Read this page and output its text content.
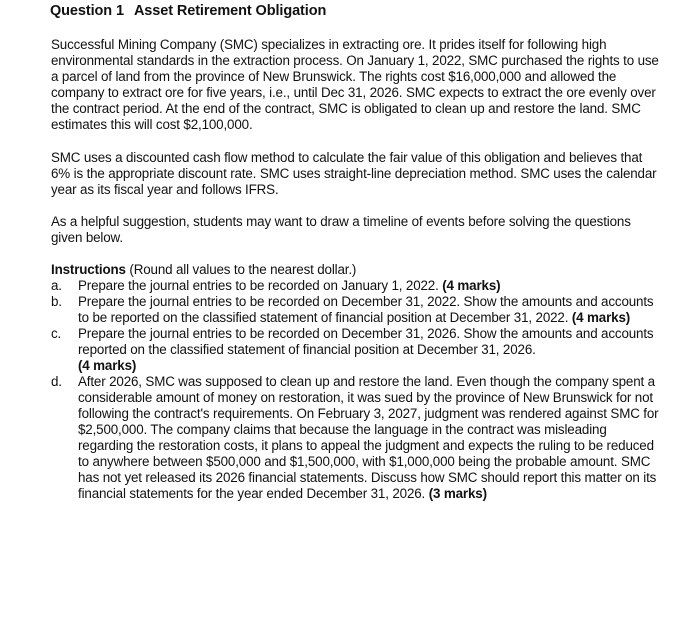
Question 1 Asset Retirement Obligation
Successful Mining Company (SMC) specializes in extracting ore. It prides itself for following high environmental standards in the extraction process. On January 1, 2022, SMC purchased the rights to use a parcel of land from the province of New Brunswick. The rights cost $16,000,000 and allowed the company to extract ore for five years, i.e., until Dec 31, 2026. SMC expects to extract the ore evenly over the contract period. At the end of the contract, SMC is obligated to clean up and restore the land. SMC estimates this will cost $2,100,000.
SMC uses a discounted cash flow method to calculate the fair value of this obligation and believes that 6% is the appropriate discount rate. SMC uses straight-line depreciation method. SMC uses the calendar year as its fiscal year and follows IFRS.
As a helpful suggestion, students may want to draw a timeline of events before solving the questions given below.
Instructions (Round all values to the nearest dollar.)
a. Prepare the journal entries to be recorded on January 1, 2022. (4 marks)
b. Prepare the journal entries to be recorded on December 31, 2022. Show the amounts and accounts to be reported on the classified statement of financial position at December 31, 2022. (4 marks)
c. Prepare the journal entries to be recorded on December 31, 2026. Show the amounts and accounts reported on the classified statement of financial position at December 31, 2026.
(4 marks)
d. After 2026, SMC was supposed to clean up and restore the land. Even though the company spent a considerable amount of money on restoration, it was sued by the province of New Brunswick for not following the contract's requirements. On February 3, 2027, judgment was rendered against SMC for $2,500,000. The company claims that because the language in the contract was misleading regarding the restoration costs, it plans to appeal the judgment and expects the ruling to be reduced to anywhere between $500,000 and $1,500,000, with $1,000,000 being the probable amount. SMC has not yet released its 2026 financial statements. Discuss how SMC should report this matter on its financial statements for the year ended December 31, 2026. (3 marks)
